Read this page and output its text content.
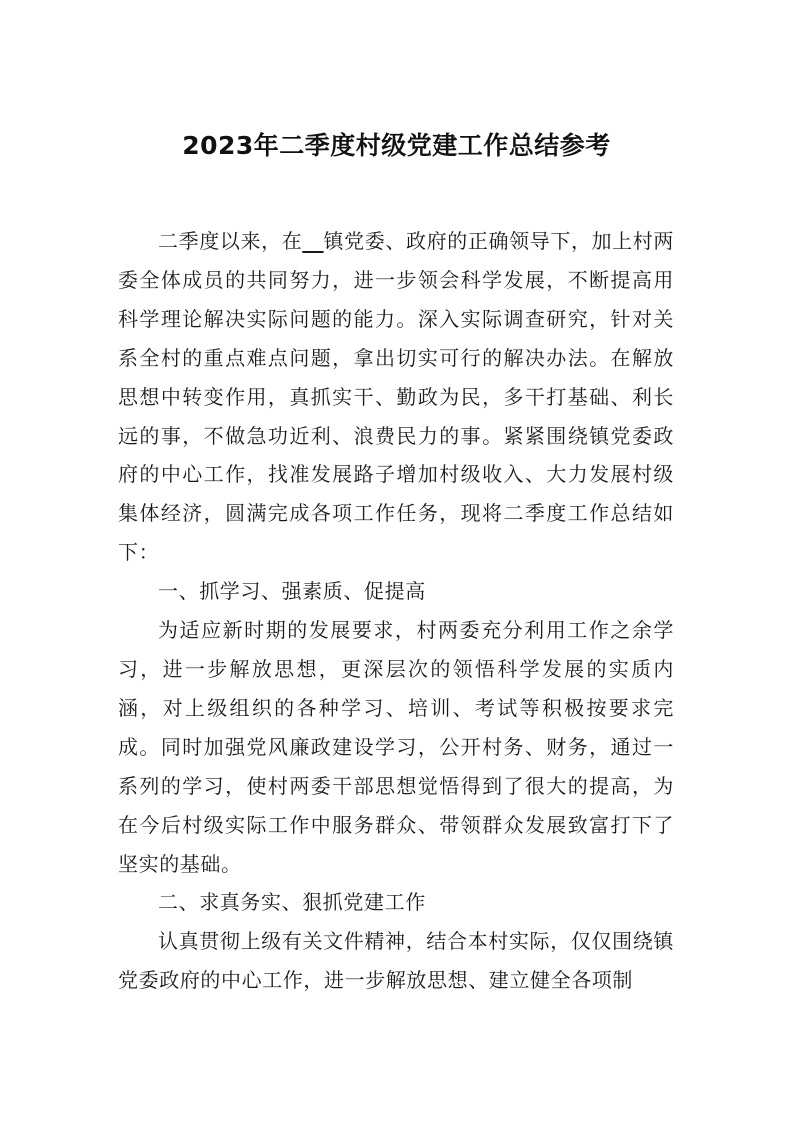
2023年二季度村级党建工作总结参考

二季度以来，在__镇党委、政府的正确领导下，加上村两委全体成员的共同努力，进一步领会科学发展，不断提高用科学理论解决实际问题的能力。深入实际调查研究，针对关系全村的重点难点问题，拿出切实可行的解决办法。在解放思想中转变作用，真抓实干、勤政为民，多干打基础、利长远的事，不做急功近利、浪费民力的事。紧紧围绕镇党委政府的中心工作，找准发展路子增加村级收入、大力发展村级集体经济，圆满完成各项工作任务，现将二季度工作总结如下：

一、抓学习、强素质、促提高

为适应新时期的发展要求，村两委充分利用工作之余学习，进一步解放思想，更深层次的领悟科学发展的实质内涵，对上级组织的各种学习、培训、考试等积极按要求完成。同时加强党风廉政建设学习，公开村务、财务，通过一系列的学习，使村两委干部思想觉悟得到了很大的提高，为在今后村级实际工作中服务群众、带领群众发展致富打下了坚实的基础。

二、求真务实、狠抓党建工作

认真贯彻上级有关文件精神，结合本村实际，仅仅围绕镇党委政府的中心工作，进一步解放思想、建立健全各项制
